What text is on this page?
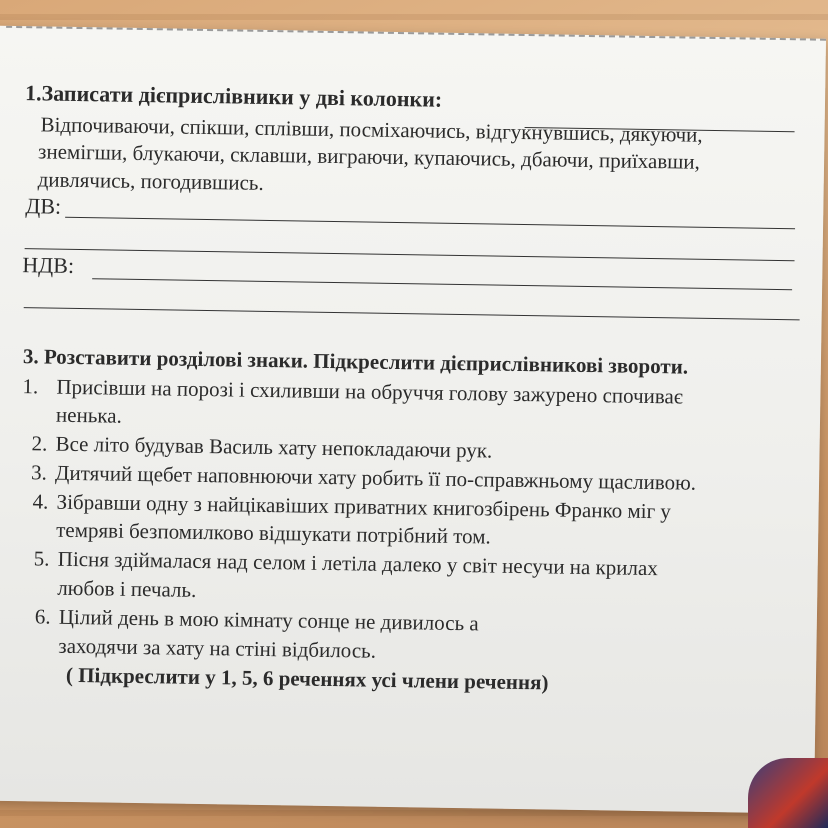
1.Записати дієприслівники у дві колонки:
Відпочиваючи, спікши, сплівши, посміхаючись, відгукнувшись, дякуючи,
знемігши, блукаючи, склавши, виграючи, купаючись, дбаючи, приїхавши,
дивлячись, погодившись.
ДВ:
НДВ:
3. Розставити розділові знаки. Підкреслити дієприслівникові звороти.
1. Присівши на порозі і схиливши на обруччя голову зажурено спочиває
ненька.
2. Все літо будував Василь хату непокладаючи рук.
3. Дитячий щебет наповнюючи хату робить її по-справжньому щасливою.
4. Зібравши одну з найцікавіших приватних книгозбірень Франко міг у
темряві безпомилково відшукати потрібний том.
5. Пісня здіймалася над селом і летіла далеко у світ несучи на крилах
любов і печаль.
6. Цілий день в мою кімнату сонце не дивилось а
заходячи за хату на стіні відбилось.
( Підкреслити у 1, 5, 6 реченнях усі члени речення)
